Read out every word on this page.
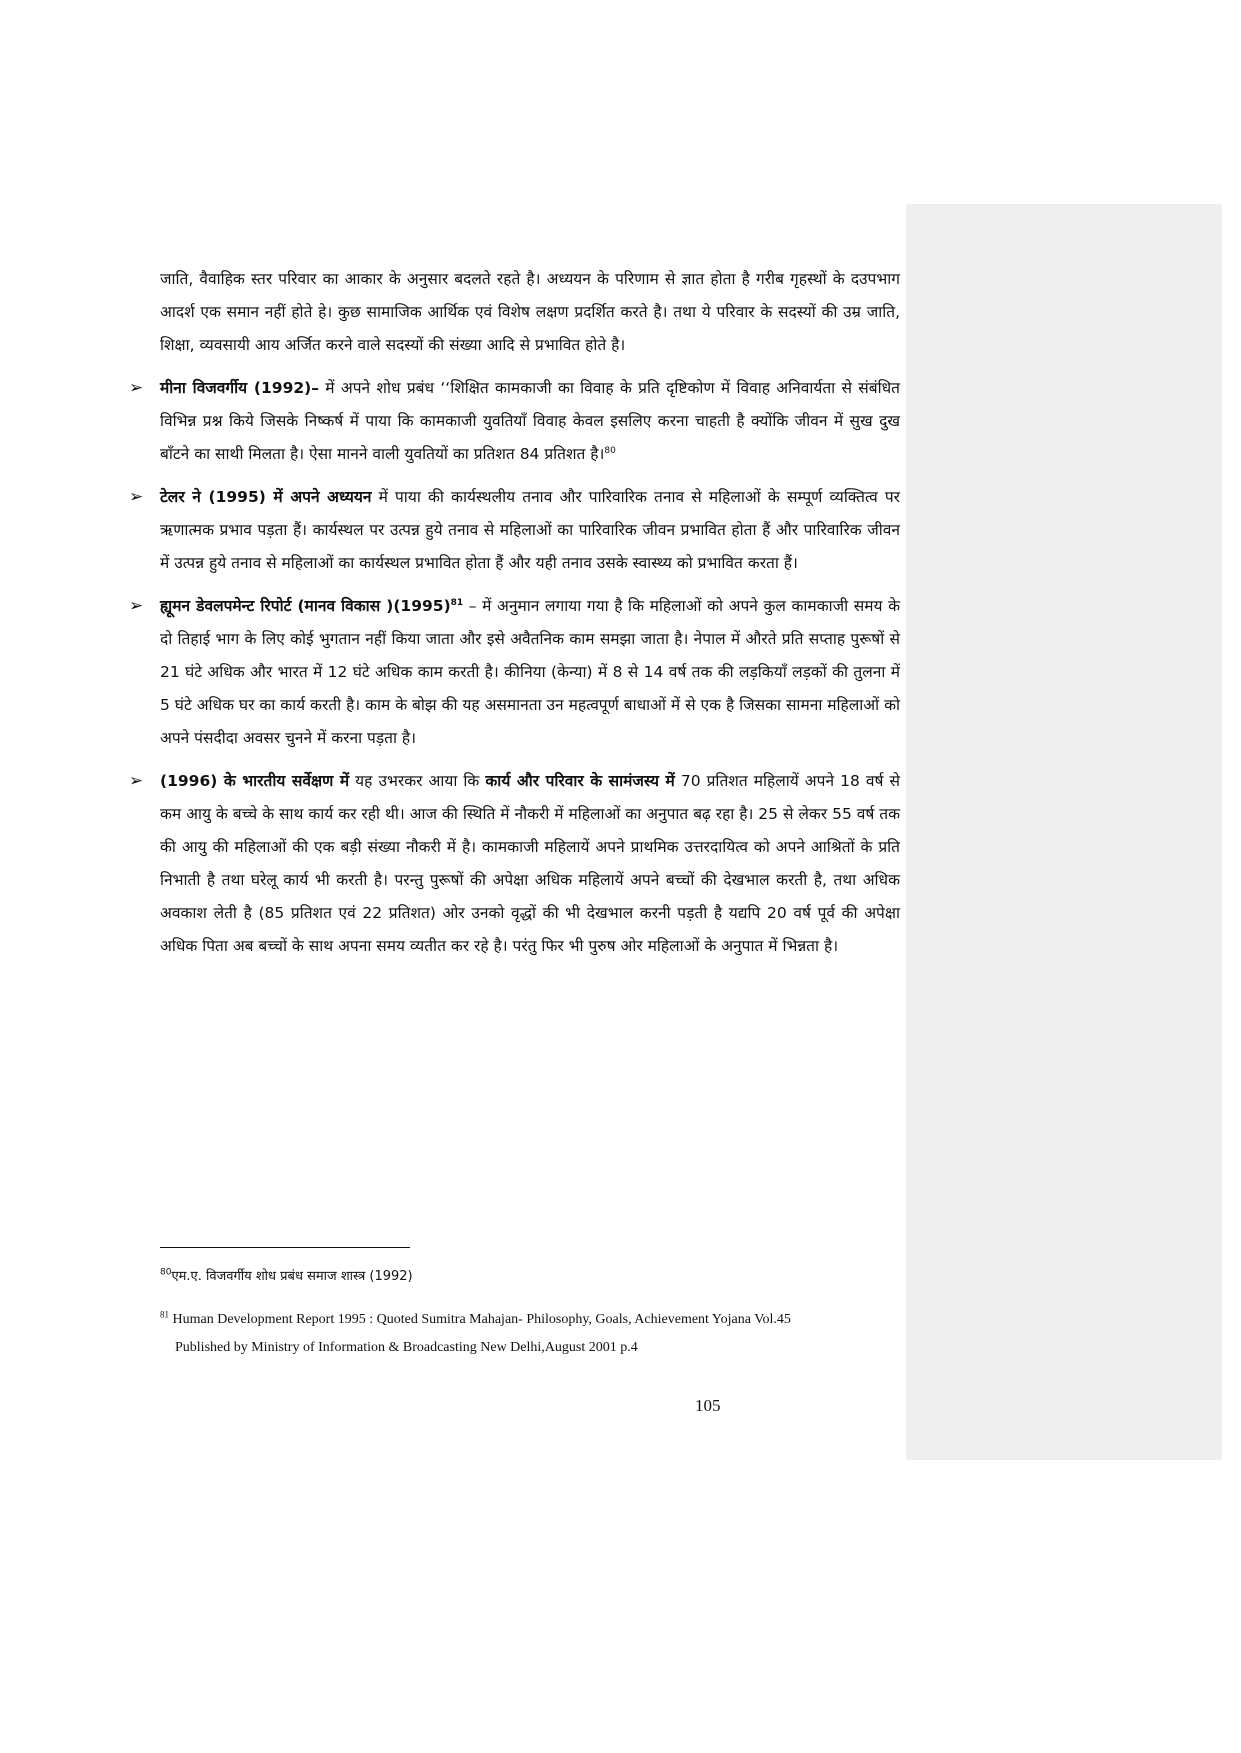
जाति, वैवाहिक स्तर परिवार का आकार के अनुसार बदलते रहते है। अध्ययन के परिणाम से ज्ञात होता है गरीब गृहस्थों के दउपभाग आदर्श एक समान नहीं होते हे। कुछ सामाजिक आर्थिक एवं विशेष लक्षण प्रदर्शित करते है। तथा ये परिवार के सदस्यों की उम्र जाति, शिक्षा, व्यवसायी आय अर्जित करने वाले सदस्यों की संख्या आदि से प्रभावित होते है।

➢ मीना विजवर्गीय (1992)– में अपने शोध प्रबंध ‘‘शिक्षित कामकाजी का विवाह के प्रति दृष्टिकोण में विवाह अनिवार्यता से संबंधित विभिन्न प्रश्न किये जिसके निष्कर्ष में पाया कि कामकाजी युवतियाँ विवाह केवल इसलिए करना चाहती है क्योंकि जीवन में सुख दुख बाँटने का साथी मिलता है। ऐसा मानने वाली युवतियों का प्रतिशत 84 प्रतिशत है।$^{80}$
➢ टेलर ने (1995) में अपने अध्ययन में पाया की कार्यस्थलीय तनाव और पारिवारिक तनाव से महिलाओं के सम्पूर्ण व्यक्तित्व पर ऋणात्मक प्रभाव पड़ता हैं। कार्यस्थल पर उत्पन्न हुये तनाव से महिलाओं का पारिवारिक जीवन प्रभावित होता हैं और पारिवारिक जीवन में उत्पन्न हुये तनाव से महिलाओं का कार्यस्थल प्रभावित होता हैं और यही तनाव उसके स्वास्थ्य को प्रभावित करता हैं।
➢ ह्यूमन डेवलपमेन्ट रिपोर्ट (मानव विकास )$(1995)^{81}$ – में अनुमान लगाया गया है कि महिलाओं को अपने कुल कामकाजी समय के दो तिहाई भाग के लिए कोई भुगतान नहीं किया जाता और इसे अवैतनिक काम समझा जाता है। नेपाल में औरते प्रति सप्ताह पुरूषों से 21 घंटे अधिक और भारत में 12 घंटे अधिक काम करती है। कीनिया (केन्या) में 8 से 14 वर्ष तक की लड़कियाँ लड़कों की तुलना में 5 घंटे अधिक घर का कार्य करती है। काम के बोझ की यह असमानता उन महत्वपूर्ण बाधाओं में से एक है जिसका सामना महिलाओं को अपने पंसदीदा अवसर चुनने में करना पड़ता है।
➢ (1996) के भारतीय सर्वेक्षण में यह उभरकर आया कि कार्य और परिवार के सामंजस्य में 70 प्रतिशत महिलायें अपने 18 वर्ष से कम आयु के बच्चे के साथ कार्य कर रही थी। आज की स्थिति में नौकरी में महिलाओं का अनुपात बढ़ रहा है। 25 से लेकर 55 वर्ष तक की आयु की महिलाओं की एक बड़ी संख्या नौकरी में है। कामकाजी महिलायें अपने प्राथमिक उत्तरदायित्व को अपने आश्रितों के प्रति निभाती है तथा घरेलू कार्य भी करती है। परन्तु पुरूषों की अपेक्षा अधिक महिलायें अपने बच्चों की देखभाल करती है, तथा अधिक अवकाश लेती है (85 प्रतिशत एवं 22 प्रतिशत) ओर उनको वृद्धों की भी देखभाल करनी पड़ती है यद्यपि 20 वर्ष पूर्व की अपेक्षा अधिक पिता अब बच्चों के साथ अपना समय व्यतीत कर रहे है। परंतु फिर भी पुरुष ओर महिलाओं के अनुपात में भिन्नता है।
$^{80}$एम.ए. विजवर्गीय शोध प्रबंध समाज शास्त्र (1992)
$^{81}$ Human Development Report 1995 : Quoted Sumitra Mahajan- Philosophy, Goals, Achievement Yojana Vol.45
Published by Ministry of Information & Broadcasting New Delhi,August 2001 p.4
105
